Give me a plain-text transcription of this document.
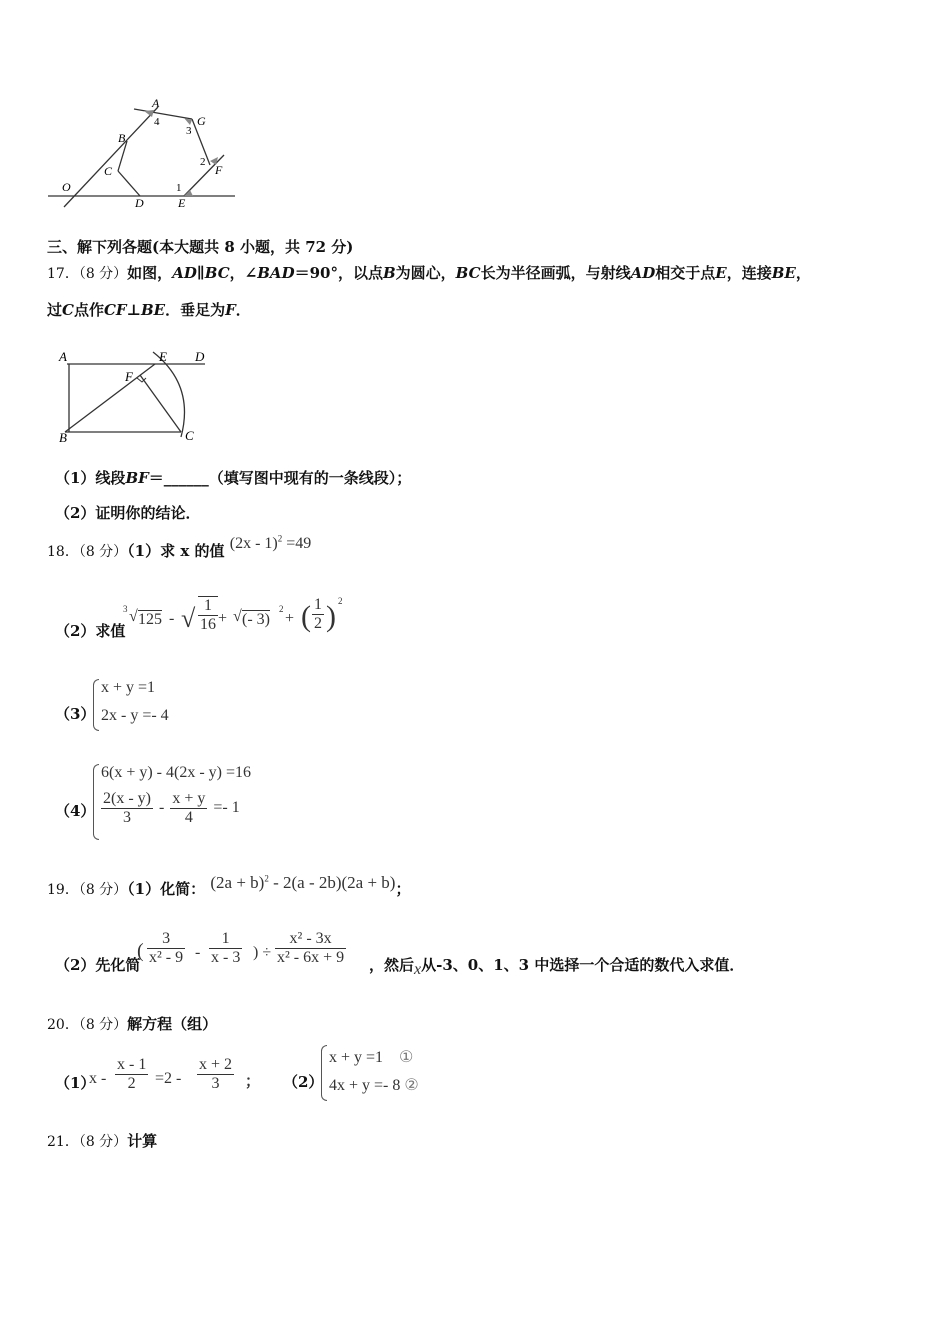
A
4	G
3
B
2
F
C
O	1
D	E
三、解下列各题(本大题共 8 小题，共 72 分)
17．（8 分）如图，AD∥BC，∠BAD＝90°，以点B为圆心，BC长为半径画弧，与射线AD相交于点E，连接BE，
过C点作CF⊥BE．垂足为F．
A	E D
F
B	C
（1）线段BF＝______（填写图中现有的一条线段）；
（2）证明你的结论．
18．（8 分）（1）求 x 的值 (2x - 1)$^2$ =49
（2）求值
3 √ 125 - √ $\frac{1}{16}$ + √ (- 3)
2
+ ( $\frac{1}{2}$ ) 2
（3）
x + y =1
2x - y =- 4
（4）
6(x + y) - 4(2x - y) =16
$\frac{2(x - y)}{3} - \frac{x + y}{4} =- 1$
19．（8 分）（1）化简： $(2a + b)^2 - 2(a - 2b)(2a + b)$；
（2）先化简
( $\frac{3}{\text{x² - 9}} - \frac{1}{x - 3}$ ) ÷ $\frac{\text{x² - 3x}}{\text{x² - 6x + 9}}$ ，然后x从-3、0、1、3 中选择一个合适的数代入求值．
20．（8 分）解方程（组）
（1）
$x - \frac{x - 1}{2} =2 - \frac{x + 2}{3}$ ； （2）
x + y =1 ①
4x + y =- 8 ②
21．（8 分）计算
